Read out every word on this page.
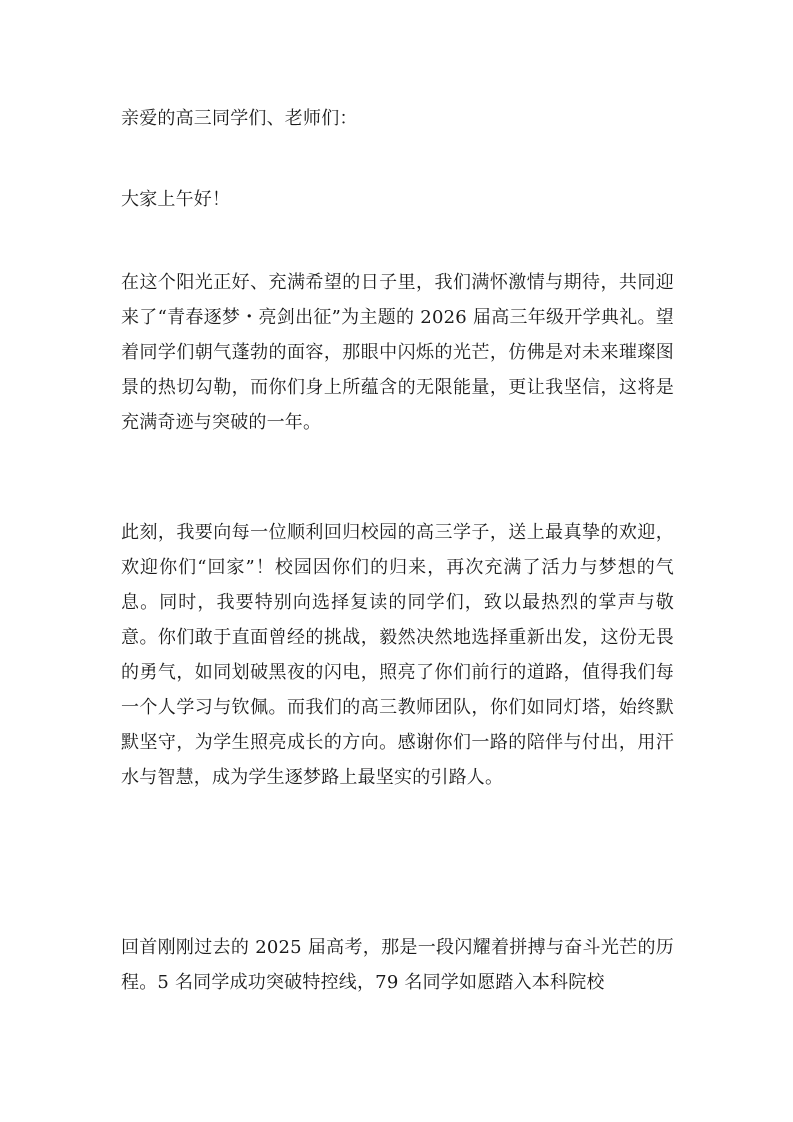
亲爱的高三同学们、老师们：

大家上午好！

在这个阳光正好、充满希望的日子里，我们满怀激情与期待，共同迎来了“青春逐梦・亮剑出征”为主题的 2026 届高三年级开学典礼。望着同学们朝气蓬勃的面容，那眼中闪烁的光芒，仿佛是对未来璀璨图景的热切勾勒，而你们身上所蕴含的无限能量，更让我坚信，这将是充满奇迹与突破的一年。

此刻，我要向每一位顺利回归校园的高三学子，送上最真挚的欢迎，欢迎你们“回家”！校园因你们的归来，再次充满了活力与梦想的气息。同时，我要特别向选择复读的同学们，致以最热烈的掌声与敬意。你们敢于直面曾经的挑战，毅然决然地选择重新出发，这份无畏的勇气，如同划破黑夜的闪电，照亮了你们前行的道路，值得我们每一个人学习与钦佩。而我们的高三教师团队，你们如同灯塔，始终默默坚守，为学生照亮成长的方向。感谢你们一路的陪伴与付出，用汗水与智慧，成为学生逐梦路上最坚实的引路人。

回首刚刚过去的 2025 届高考，那是一段闪耀着拼搏与奋斗光芒的历程。5 名同学成功突破特控线，79 名同学如愿踏入本科院校
